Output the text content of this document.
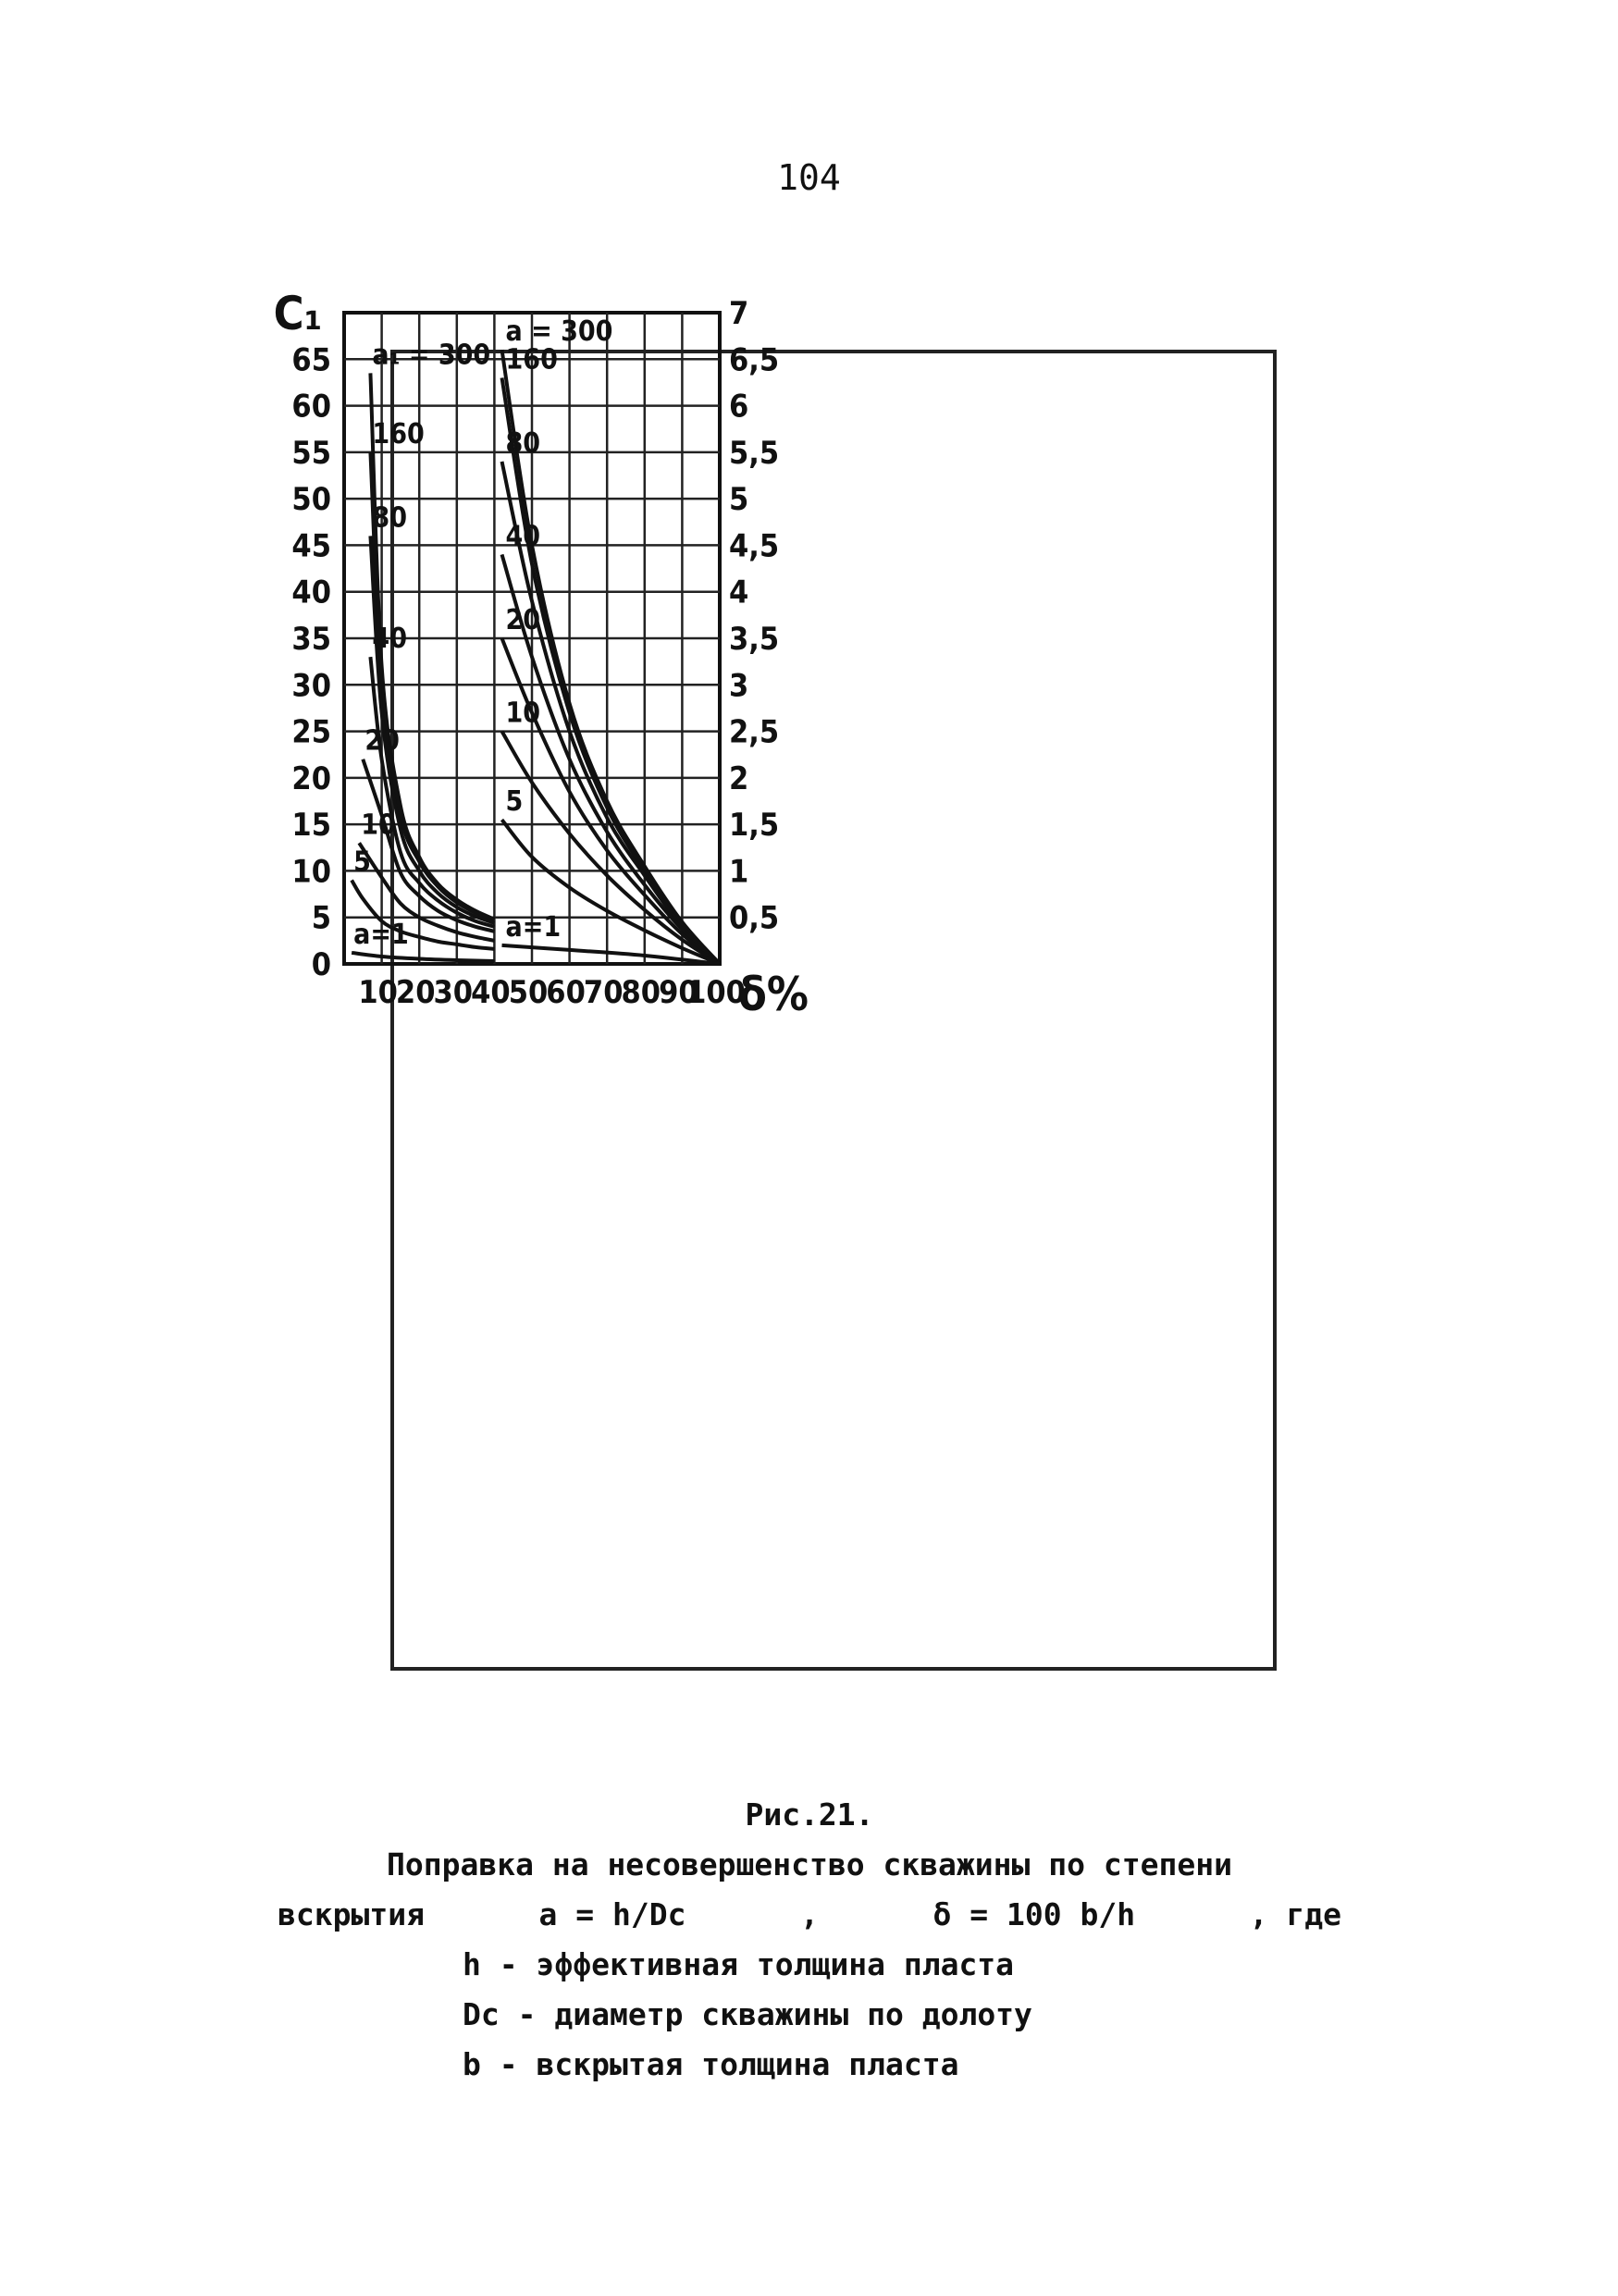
104
10
20
30
40
50
60
70
80
90
100
0
5
10
15
20
25
30
35
40
45
50
55
60
65
0,5
1
1,5
2
2,5
3
3,5
4
4,5
5
5,5
6
6,5
7
C₁
δ%
a₁ = 300
160
80
40
20
10
5
a=1
a = 300
160
80
40
20
10
5
a=1
Рис.21.
Поправка на несовершенство скважины по степени
вскрытия	a = h/Dc	,	δ = 100 b/h	, где
h - эффективная толщина пласта
Dc - диаметр скважины по долоту
b - вскрытая толщина пласта
